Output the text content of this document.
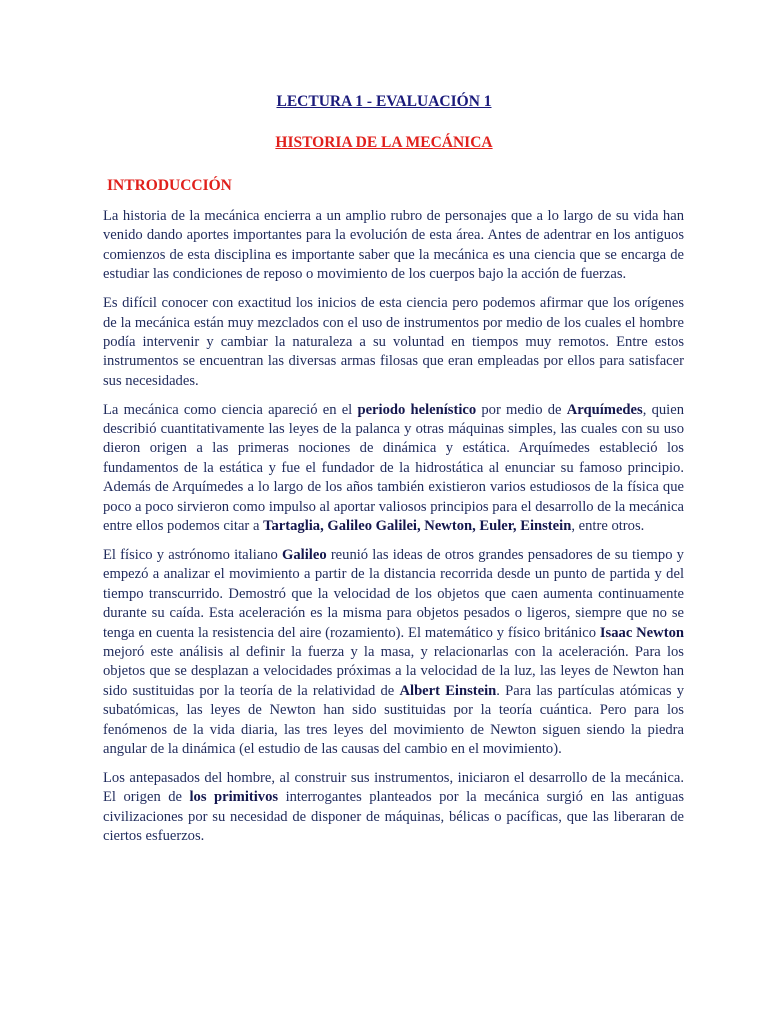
LECTURA 1 - EVALUACIÓN 1

HISTORIA DE LA MECÁNICA

INTRODUCCIÓN

La historia de la mecánica encierra a un amplio rubro de personajes que a lo largo de su vida han venido dando aportes importantes para la evolución de esta área. Antes de adentrar en los antiguos comienzos de esta disciplina es importante saber que la mecánica es una ciencia que se encarga de estudiar las condiciones de reposo o movimiento de los cuerpos bajo la acción de fuerzas.

Es difícil conocer con exactitud los inicios de esta ciencia pero podemos afirmar que los orígenes de la mecánica están muy mezclados con el uso de instrumentos por medio de los cuales el hombre podía intervenir y cambiar la naturaleza a su voluntad en tiempos muy remotos. Entre estos instrumentos se encuentran las diversas armas filosas que eran empleadas por ellos para satisfacer sus necesidades.

La mecánica como ciencia apareció en el periodo helenístico por medio de Arquímedes, quien describió cuantitativamente las leyes de la palanca y otras máquinas simples, las cuales con su uso dieron origen a las primeras nociones de dinámica y estática. Arquímedes estableció los fundamentos de la estática y fue el fundador de la hidrostática al enunciar su famoso principio. Además de Arquímedes a lo largo de los años también existieron varios estudiosos de la física que poco a poco sirvieron como impulso al aportar valiosos principios para el desarrollo de la mecánica entre ellos podemos citar a Tartaglia, Galileo Galilei, Newton, Euler, Einstein, entre otros.

El físico y astrónomo italiano Galileo reunió las ideas de otros grandes pensadores de su tiempo y empezó a analizar el movimiento a partir de la distancia recorrida desde un punto de partida y del tiempo transcurrido. Demostró que la velocidad de los objetos que caen aumenta continuamente durante su caída. Esta aceleración es la misma para objetos pesados o ligeros, siempre que no se tenga en cuenta la resistencia del aire (rozamiento). El matemático y físico británico Isaac Newton mejoró este análisis al definir la fuerza y la masa, y relacionarlas con la aceleración. Para los objetos que se desplazan a velocidades próximas a la velocidad de la luz, las leyes de Newton han sido sustituidas por la teoría de la relatividad de Albert Einstein. Para las partículas atómicas y subatómicas, las leyes de Newton han sido sustituidas por la teoría cuántica. Pero para los fenómenos de la vida diaria, las tres leyes del movimiento de Newton siguen siendo la piedra angular de la dinámica (el estudio de las causas del cambio en el movimiento).

Los antepasados del hombre, al construir sus instrumentos, iniciaron el desarrollo de la mecánica. El origen de los primitivos interrogantes planteados por la mecánica surgió en las antiguas civilizaciones por su necesidad de disponer de máquinas, bélicas o pacíficas, que las liberaran de ciertos esfuerzos.
